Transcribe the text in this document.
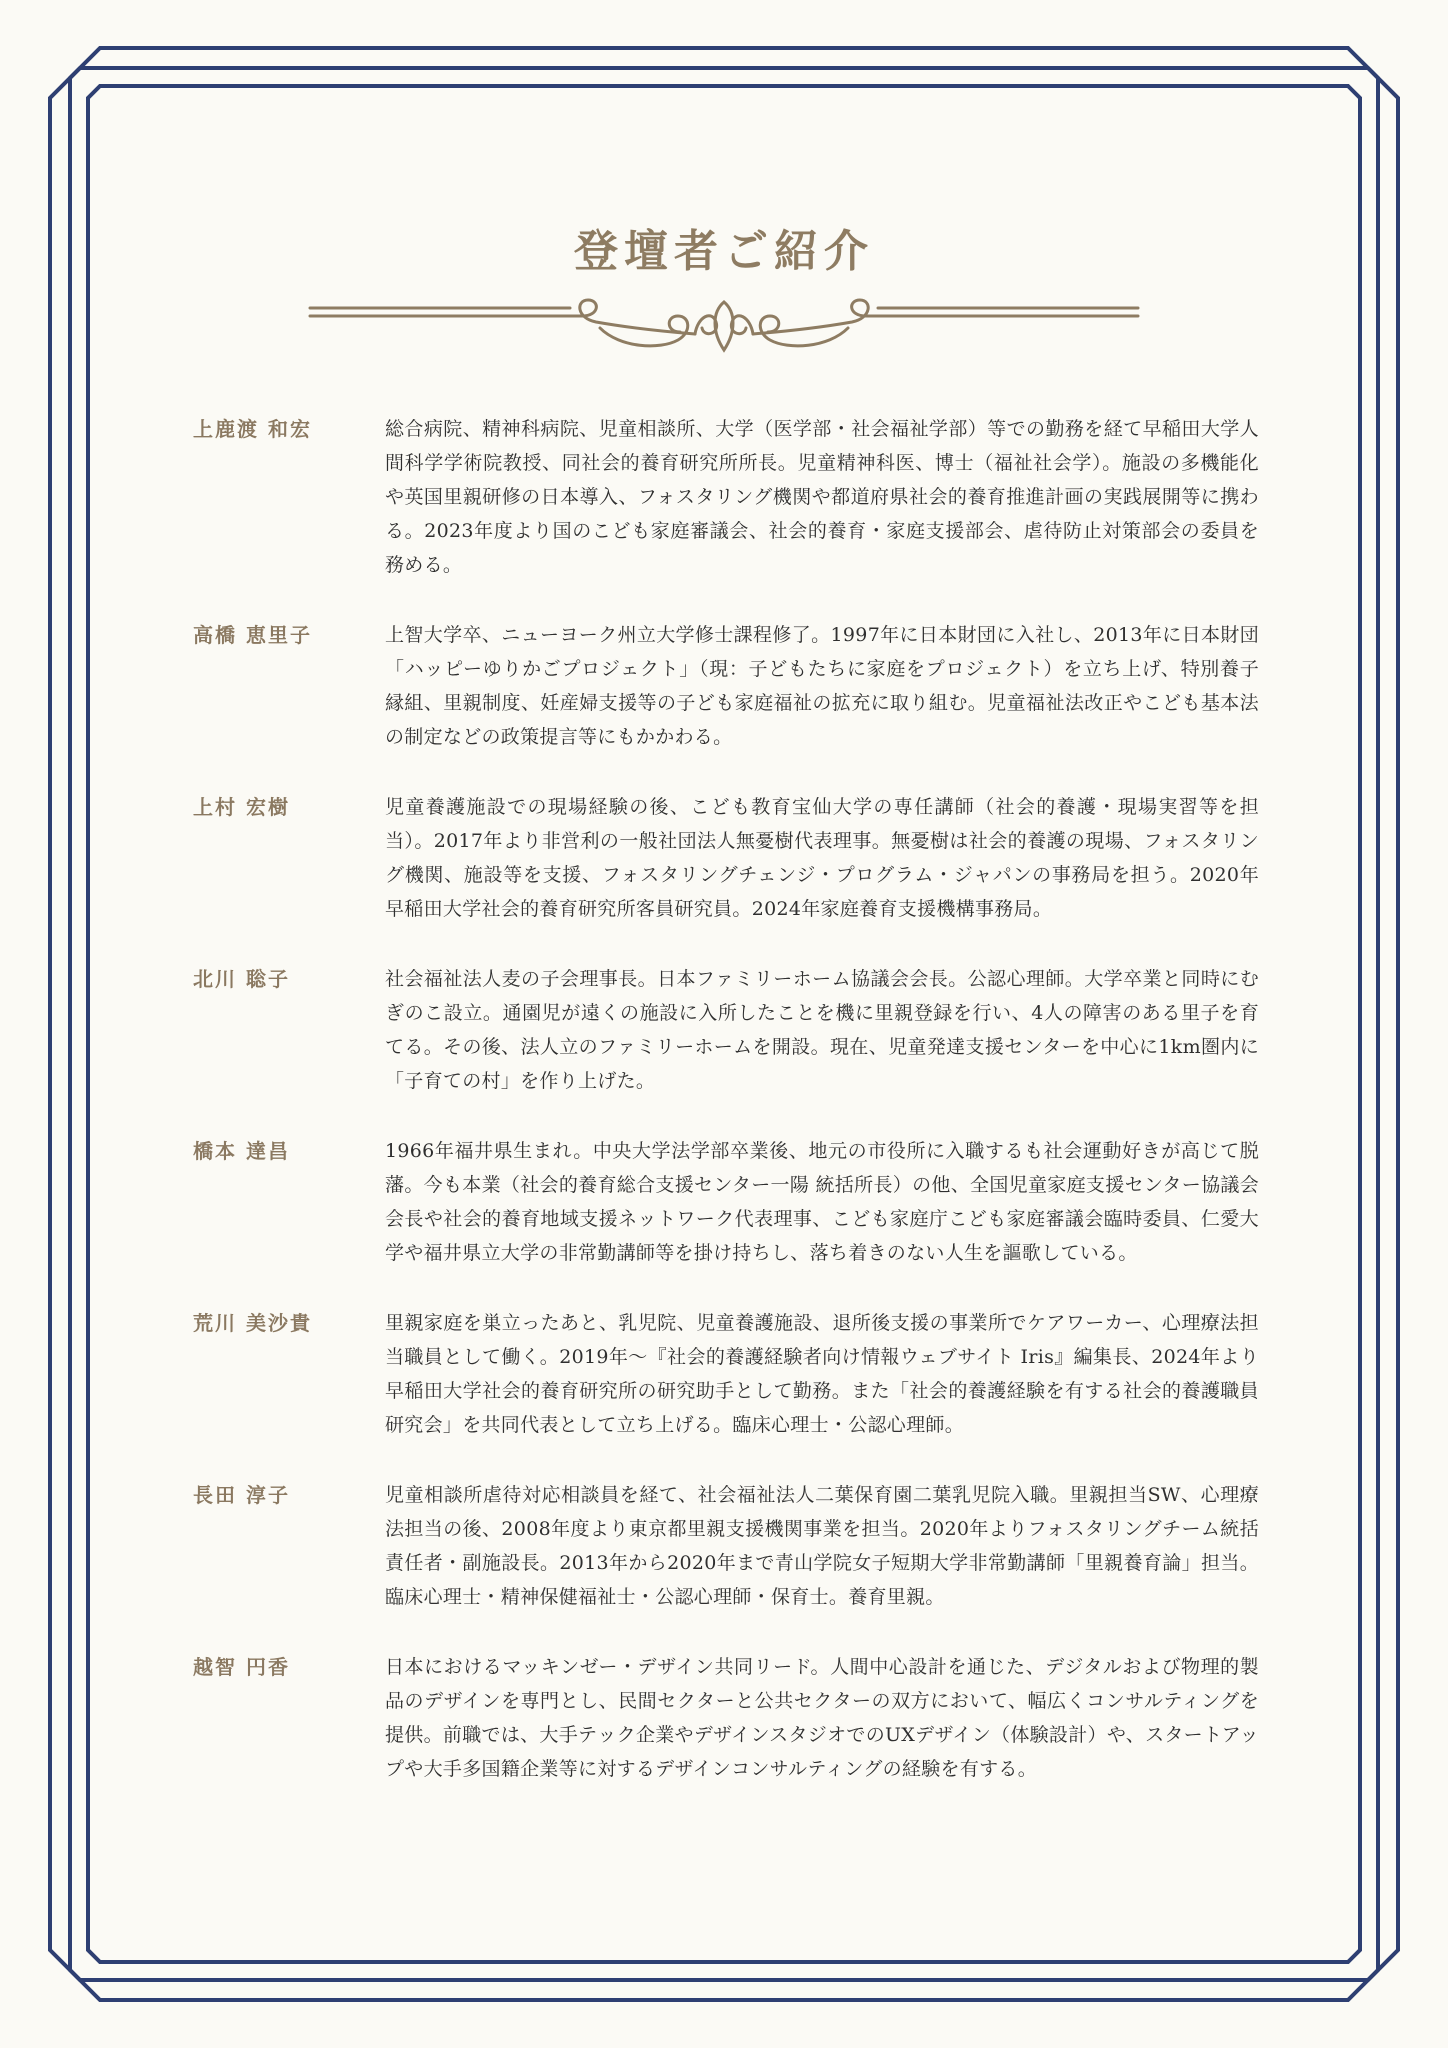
登壇者ご紹介
上鹿渡 和宏	総合病院、精神科病院、児童相談所、大学（医学部・社会福祉学部）等での勤務を経て早稲田大学人間科学学術院教授、同社会的養育研究所所長。児童精神科医、博士（福祉社会学）。施設の多機能化や英国里親研修の日本導入、フォスタリング機関や都道府県社会的養育推進計画の実践展開等に携わる。2023年度より国のこども家庭審議会、社会的養育・家庭支援部会、虐待防止対策部会の委員を務める。
高橋 恵里子	上智大学卒、ニューヨーク州立大学修士課程修了。1997年に日本財団に入社し、2013年に日本財団「ハッピーゆりかごプロジェクト」（現：子どもたちに家庭をプロジェクト）を立ち上げ、特別養子縁組、里親制度、妊産婦支援等の子ども家庭福祉の拡充に取り組む。児童福祉法改正やこども基本法の制定などの政策提言等にもかかわる。
上村 宏樹	児童養護施設での現場経験の後、こども教育宝仙大学の専任講師（社会的養護・現場実習等を担当）。2017年より非営利の一般社団法人無憂樹代表理事。無憂樹は社会的養護の現場、フォスタリング機関、施設等を支援、フォスタリングチェンジ・プログラム・ジャパンの事務局を担う。2020年早稲田大学社会的養育研究所客員研究員。2024年家庭養育支援機構事務局。
北川 聡子	社会福祉法人麦の子会理事長。日本ファミリーホーム協議会会長。公認心理師。大学卒業と同時にむぎのこ設立。通園児が遠くの施設に入所したことを機に里親登録を行い、4人の障害のある里子を育てる。その後、法人立のファミリーホームを開設。現在、児童発達支援センターを中心に1km圏内に「子育ての村」を作り上げた。
橋本 達昌	1966年福井県生まれ。中央大学法学部卒業後、地元の市役所に入職するも社会運動好きが高じて脱藩。今も本業（社会的養育総合支援センター一陽 統括所長）の他、全国児童家庭支援センター協議会会長や社会的養育地域支援ネットワーク代表理事、こども家庭庁こども家庭審議会臨時委員、仁愛大学や福井県立大学の非常勤講師等を掛け持ちし、落ち着きのない人生を謳歌している。
荒川 美沙貴	里親家庭を巣立ったあと、乳児院、児童養護施設、退所後支援の事業所でケアワーカー、心理療法担当職員として働く。2019年～『社会的養護経験者向け情報ウェブサイト Iris』編集長、2024年より早稲田大学社会的養育研究所の研究助手として勤務。また「社会的養護経験を有する社会的養護職員研究会」を共同代表として立ち上げる。臨床心理士・公認心理師。
長田 淳子	児童相談所虐待対応相談員を経て、社会福祉法人二葉保育園二葉乳児院入職。里親担当SW、心理療法担当の後、2008年度より東京都里親支援機関事業を担当。2020年よりフォスタリングチーム統括責任者・副施設長。2013年から2020年まで青山学院女子短期大学非常勤講師「里親養育論」担当。臨床心理士・精神保健福祉士・公認心理師・保育士。養育里親。
越智 円香	日本におけるマッキンゼー・デザイン共同リード。人間中心設計を通じた、デジタルおよび物理的製品のデザインを専門とし、民間セクターと公共セクターの双方において、幅広くコンサルティングを提供。前職では、大手テック企業やデザインスタジオでのUXデザイン（体験設計）や、スタートアップや大手多国籍企業等に対するデザインコンサルティングの経験を有する。
